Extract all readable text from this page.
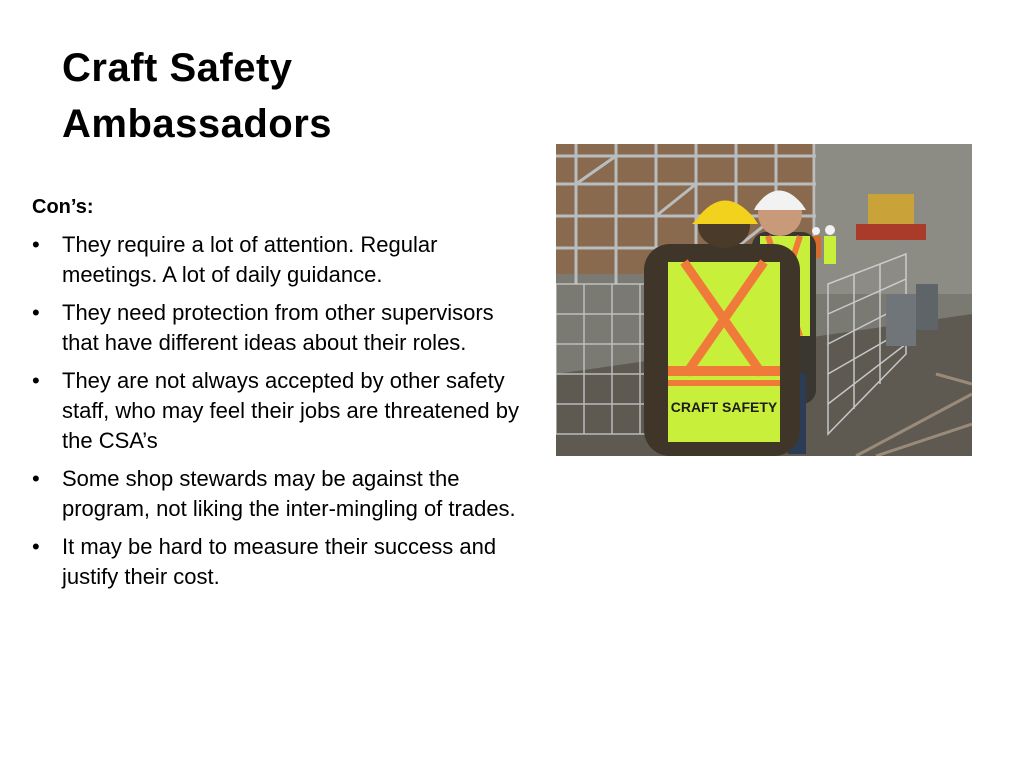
Craft Safety
Ambassadors
Con’s:
• They require a lot of attention. Regular meetings. A lot of daily guidance.
• They need protection from other supervisors that have different ideas about their roles.
• They are not always accepted by other safety staff, who may feel their jobs are threatened by the CSA’s
• Some shop stewards may be against the program, not liking the inter-mingling of trades.
• It may be hard to measure their success and justify their cost.
CRAFT SAFETY
